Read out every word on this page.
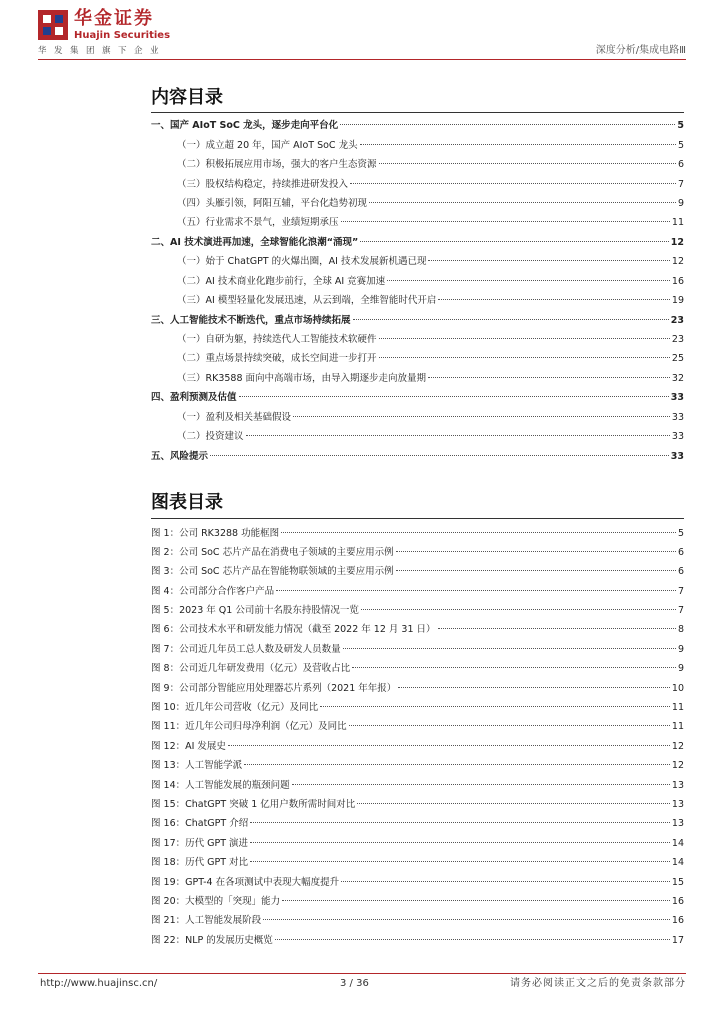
华金证券
Huajin Securities
华发集团旗下企业	深度分析/集成电路Ⅲ
内容目录
一、国产 AIoT SoC 龙头，逐步走向平台化	5
（一）成立超 20 年，国产 AIoT SoC 龙头	5
（二）积极拓展应用市场，强大的客户生态资源	6
（三）股权结构稳定，持续推进研发投入	7
（四）头雁引领，阿阳互辅，平台化趋势初现	9
（五）行业需求不景气，业绩短期承压	11
二、AI 技术演进再加速，全球智能化浪潮“涌现”	12
（一）始于 ChatGPT 的火爆出圈，AI 技术发展新机遇已现	12
（二）AI 技术商业化跑步前行，全球 AI 竞赛加速	16
（三）AI 模型轻量化发展迅速，从云到端，全维智能时代开启	19
三、人工智能技术不断迭代，重点市场持续拓展	23
（一）自研为躯，持续迭代人工智能技术软硬件	23
（二）重点场景持续突破，成长空间进一步打开	25
（三）RK3588 面向中高端市场，由导入期逐步走向放量期	32
四、盈利预测及估值	33
（一）盈利及相关基础假设	33
（二）投资建议	33
五、风险提示	33
图表目录
图 1：公司 RK3288 功能框图	5
图 2：公司 SoC 芯片产品在消费电子领域的主要应用示例	6
图 3：公司 SoC 芯片产品在智能物联领域的主要应用示例	6
图 4：公司部分合作客户产品	7
图 5：2023 年 Q1 公司前十名股东持股情况一览	7
图 6：公司技术水平和研发能力情况（截至 2022 年 12 月 31 日）	8
图 7：公司近几年员工总人数及研发人员数量	9
图 8：公司近几年研发费用（亿元）及营收占比	9
图 9：公司部分智能应用处理器芯片系列（2021 年年报）	10
图 10：近几年公司营收（亿元）及同比	11
图 11：近几年公司归母净利润（亿元）及同比	11
图 12：AI 发展史	12
图 13：人工智能学派	12
图 14：人工智能发展的瓶颈问题	13
图 15：ChatGPT 突破 1 亿用户数所需时间对比	13
图 16：ChatGPT 介绍	13
图 17：历代 GPT 演进	14
图 18：历代 GPT 对比	14
图 19：GPT-4 在各项测试中表现大幅度提升	15
图 20：大模型的「突现」能力	16
图 21：人工智能发展阶段	16
图 22：NLP 的发展历史概览	17
http://www.huajinsc.cn/	3 / 36	请务必阅读正文之后的免责条款部分
